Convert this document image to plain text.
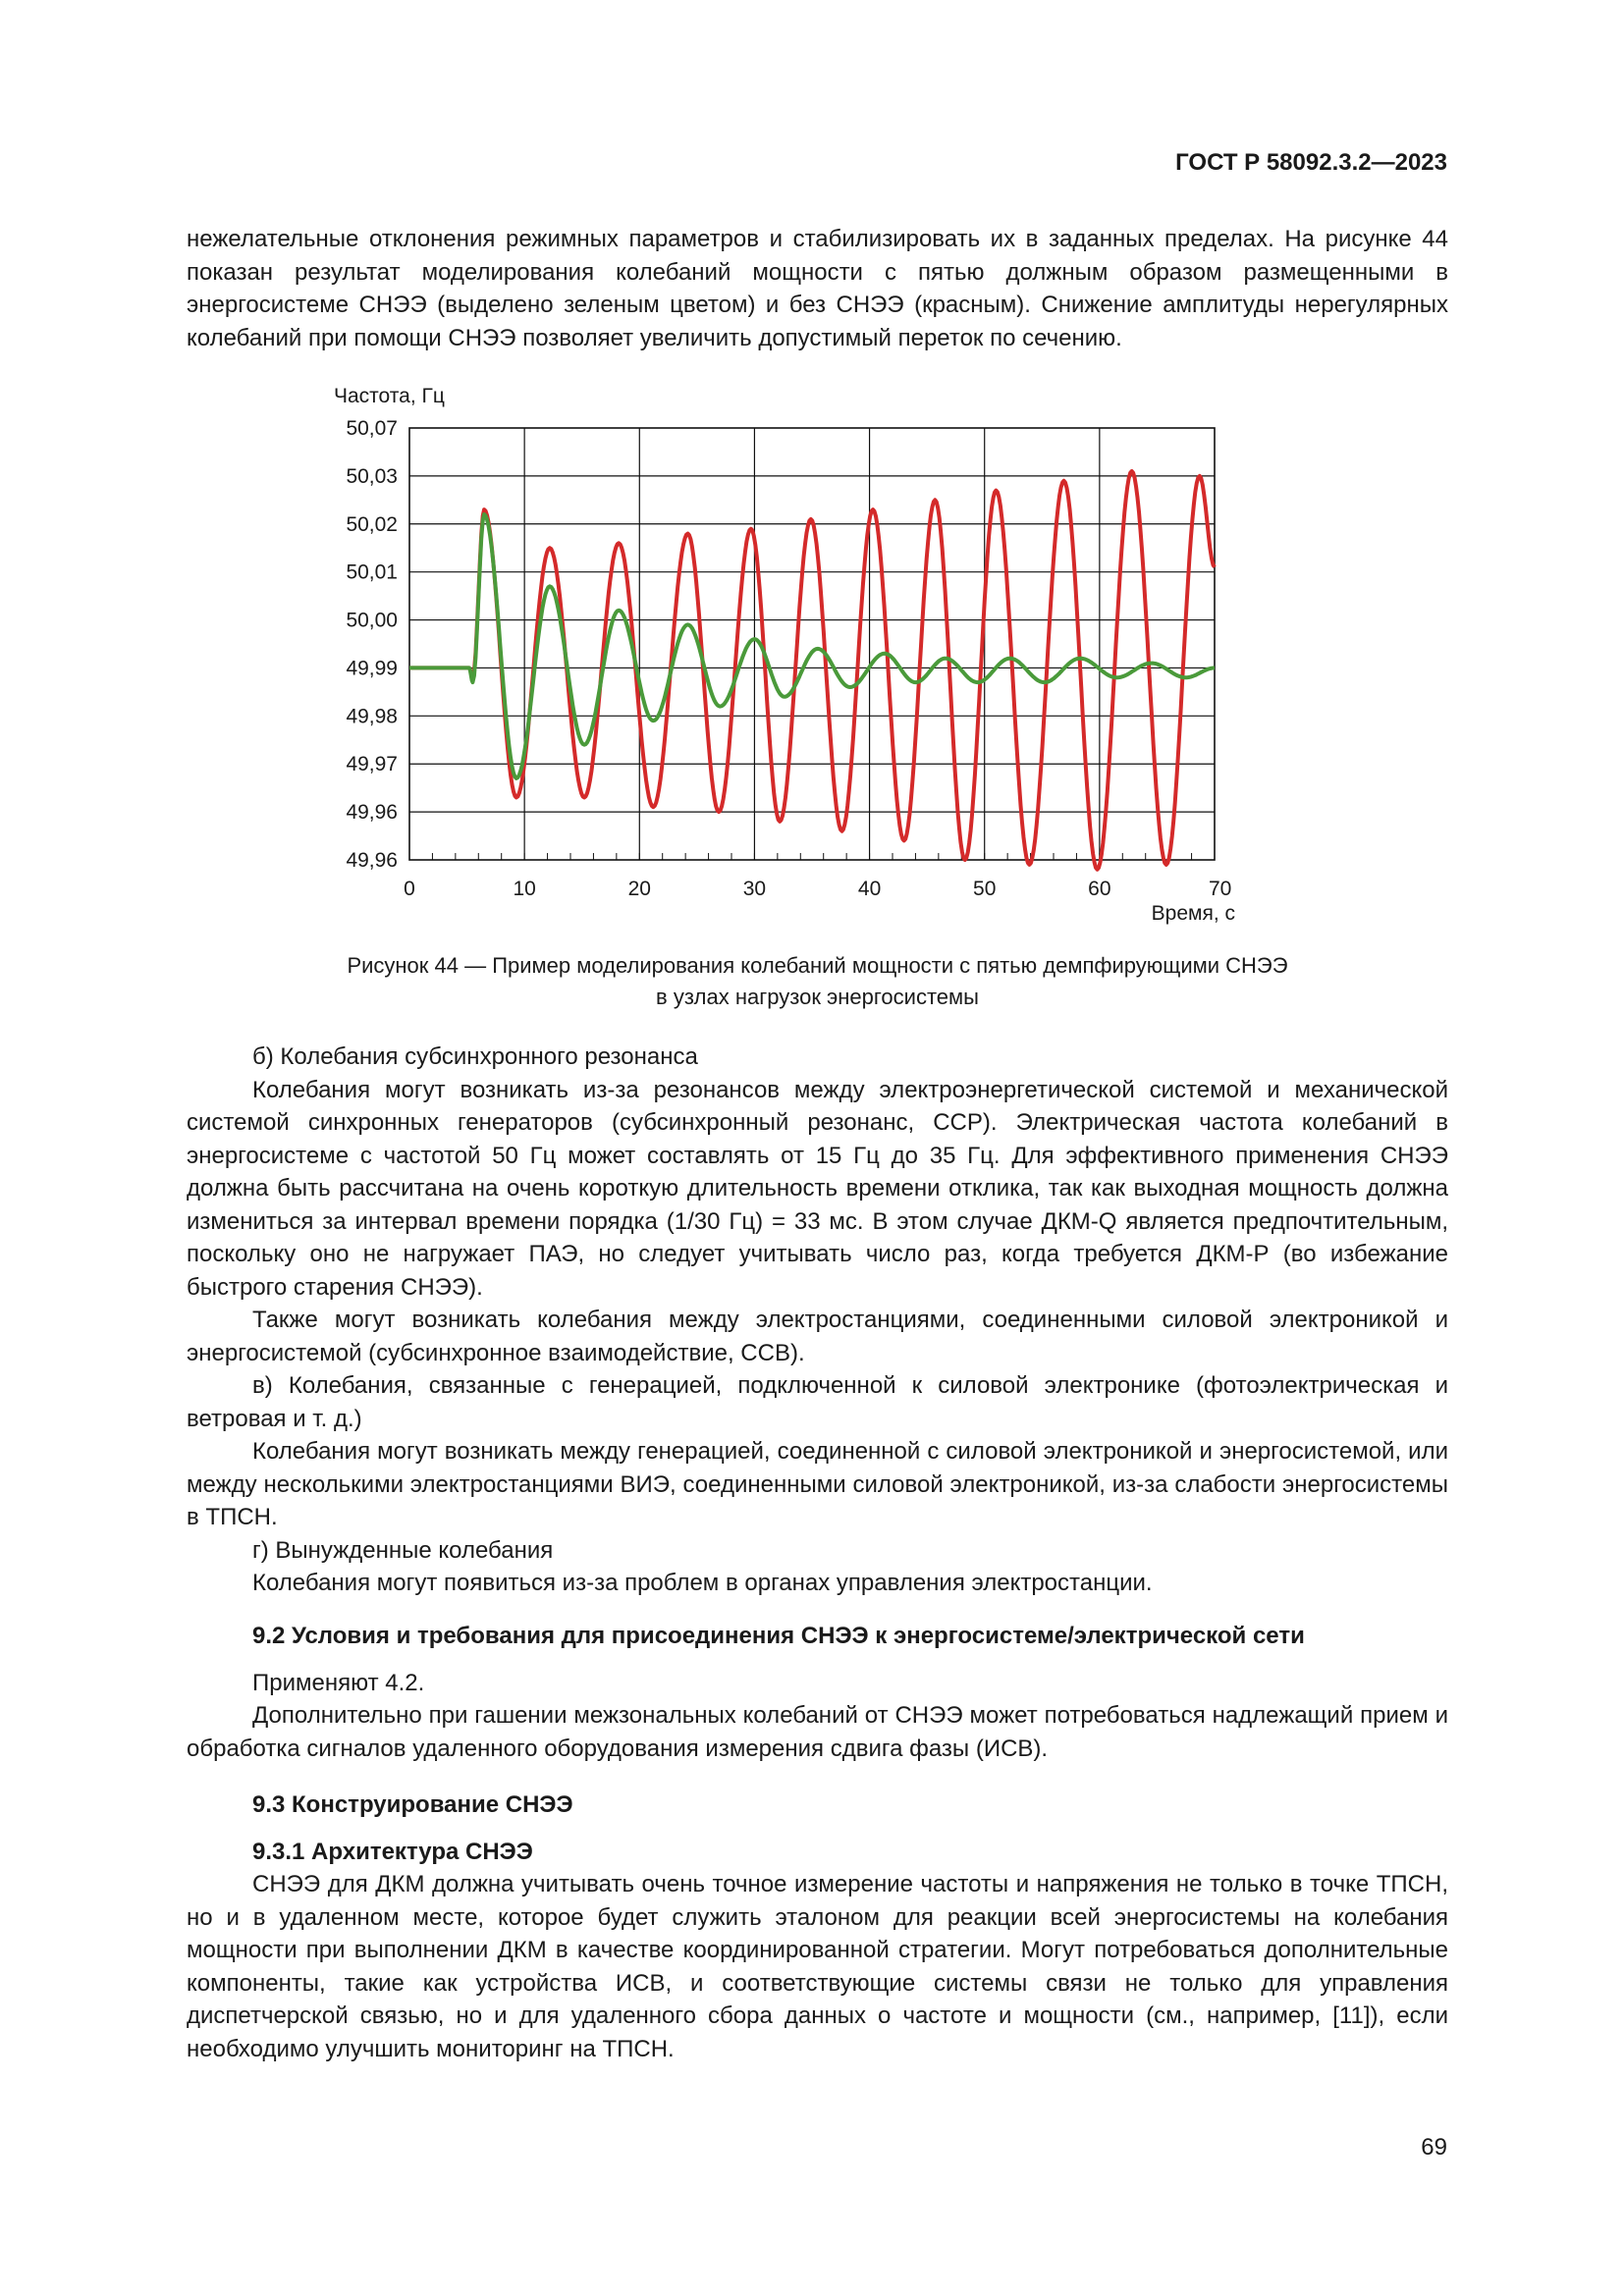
ГОСТ Р 58092.3.2—2023

нежелательные отклонения режимных параметров и стабилизировать их в заданных пределах. На рисунке 44 показан результат моделирования колебаний мощности с пятью должным образом размещенными в энергосистеме СНЭЭ (выделено зеленым цветом) и без СНЭЭ (красным). Снижение амплитуды нерегулярных колебаний при помощи СНЭЭ позволяет увеличить допустимый переток по сечению.

Частота, Гц
50,07
50,03
50,02
50,01
50,00
49,99
49,98
49,97
49,96
49,96
0	10	20	30	40	50	60	70
Время, с
Рисунок 44 — Пример моделирования колебаний мощности с пятью демпфирующими СНЭЭ
в узлах нагрузок энергосистемы

б) Колебания субсинхронного резонанса

Колебания могут возникать из-за резонансов между электроэнергетической системой и механической системой синхронных генераторов (субсинхронный резонанс, ССР). Электрическая частота колебаний в энергосистеме с частотой 50 Гц может составлять от 15 Гц до 35 Гц. Для эффективного применения СНЭЭ должна быть рассчитана на очень короткую длительность времени отклика, так как выходная мощность должна измениться за интервал времени порядка (1/30 Гц) = 33 мс. В этом случае ДКМ-Q является предпочтительным, поскольку оно не нагружает ПАЭ, но следует учитывать число раз, когда требуется ДКМ-Р (во избежание быстрого старения СНЭЭ).

Также могут возникать колебания между электростанциями, соединенными силовой электроникой и энергосистемой (субсинхронное взаимодействие, ССВ).

в) Колебания, связанные с генерацией, подключенной к силовой электронике (фотоэлектрическая и ветровая и т. д.)

Колебания могут возникать между генерацией, соединенной с силовой электроникой и энергосистемой, или между несколькими электростанциями ВИЭ, соединенными силовой электроникой, из-за слабости энергосистемы в ТПСН.

г) Вынужденные колебания

Колебания могут появиться из-за проблем в органах управления электростанции.

9.2 Условия и требования для присоединения СНЭЭ к энергосистеме/электрической сети

Применяют 4.2.

Дополнительно при гашении межзональных колебаний от СНЭЭ может потребоваться надлежащий прием и обработка сигналов удаленного оборудования измерения сдвига фазы (ИСВ).

9.3 Конструирование СНЭЭ

9.3.1 Архитектура СНЭЭ

СНЭЭ для ДКМ должна учитывать очень точное измерение частоты и напряжения не только в точке ТПСН, но и в удаленном месте, которое будет служить эталоном для реакции всей энергосистемы на колебания мощности при выполнении ДКМ в качестве координированной стратегии. Могут потребоваться дополнительные компоненты, такие как устройства ИСВ, и соответствующие системы связи не только для управления диспетчерской связью, но и для удаленного сбора данных о частоте и мощности (см., например, [11]), если необходимо улучшить мониторинг на ТПСН.

69
